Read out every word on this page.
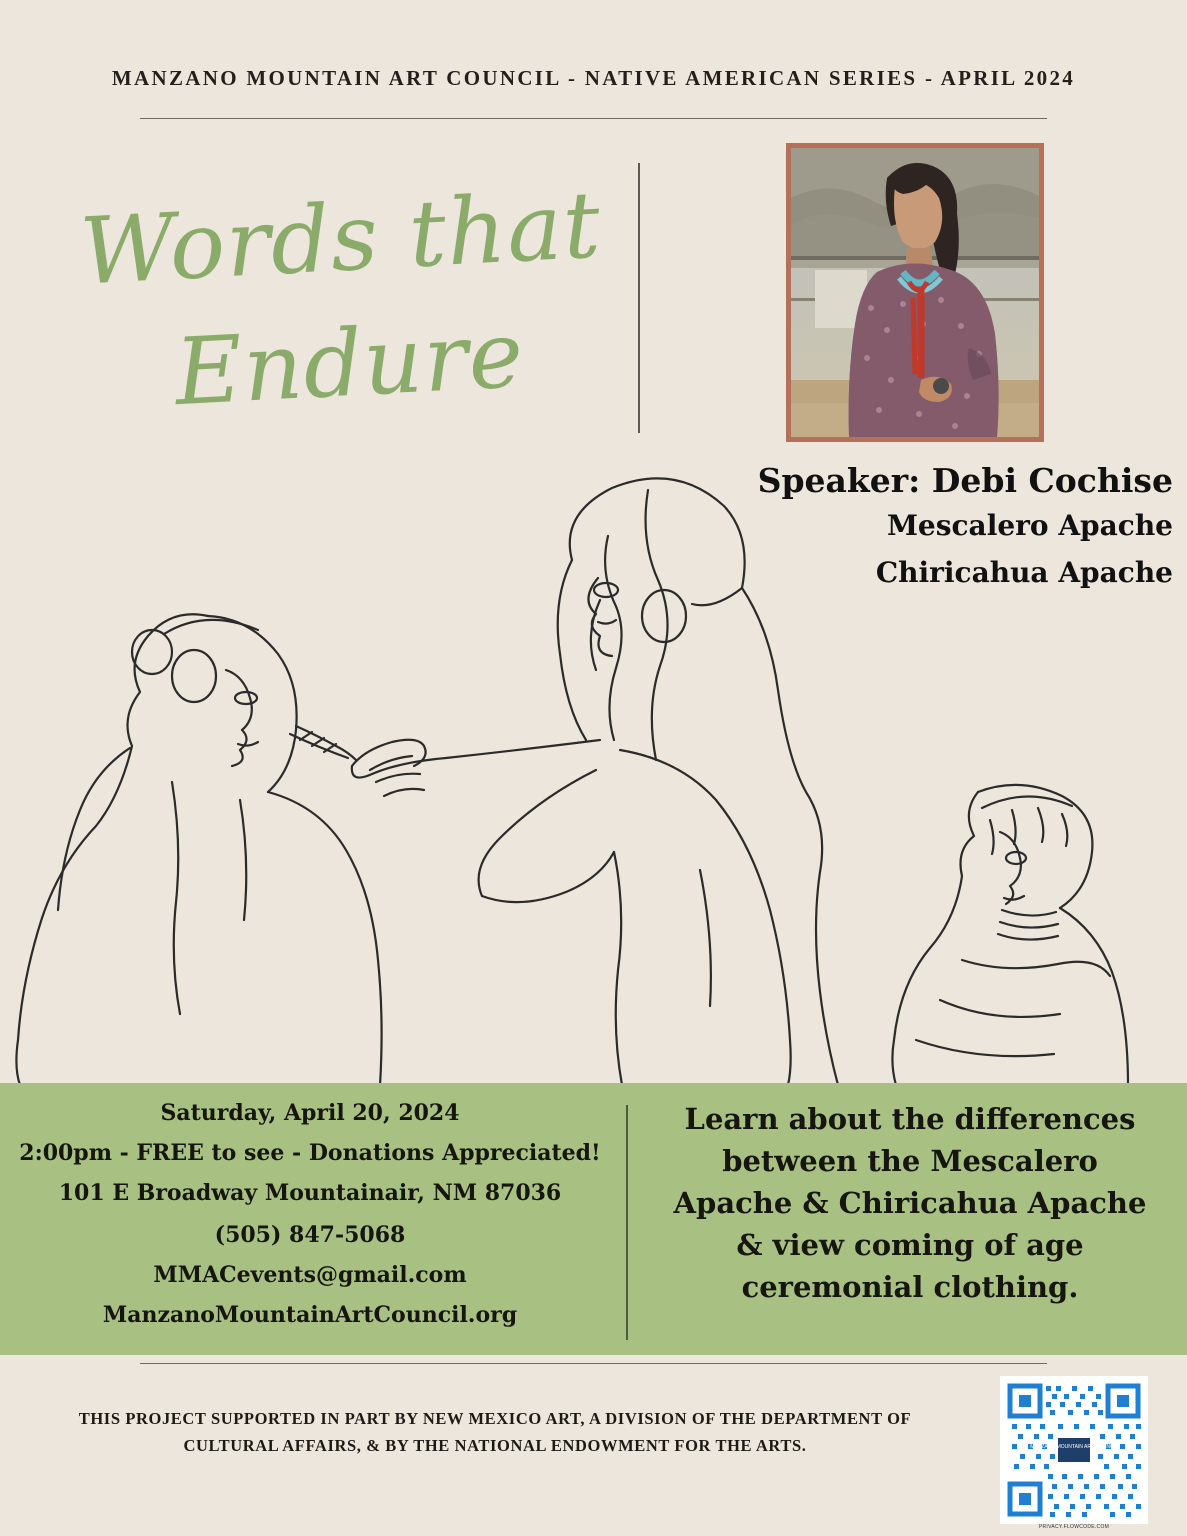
MANZANO MOUNTAIN ART COUNCIL - NATIVE AMERICAN SERIES - APRIL 2024
Words that
Endure
Speaker: Debi Cochise
Mescalero Apache
Chiricahua Apache
Saturday, April 20, 2024
2:00pm - FREE to see - Donations Appreciated!
101 E Broadway Mountainair, NM 87036
(505) 847-5068
MMACevents@gmail.com
ManzanoMountainArtCouncil.org
Learn about the differences
between the Mescalero
Apache & Chiricahua Apache
& view coming of age
ceremonial clothing.
THIS PROJECT SUPPORTED IN PART BY NEW MEXICO ART, A DIVISION OF THE DEPARTMENT OF
CULTURAL AFFAIRS, & BY THE NATIONAL ENDOWMENT FOR THE ARTS.	MANZANO MOUNTAIN ART COUNCIL
PRIVACY.FLOWCODE.COM
